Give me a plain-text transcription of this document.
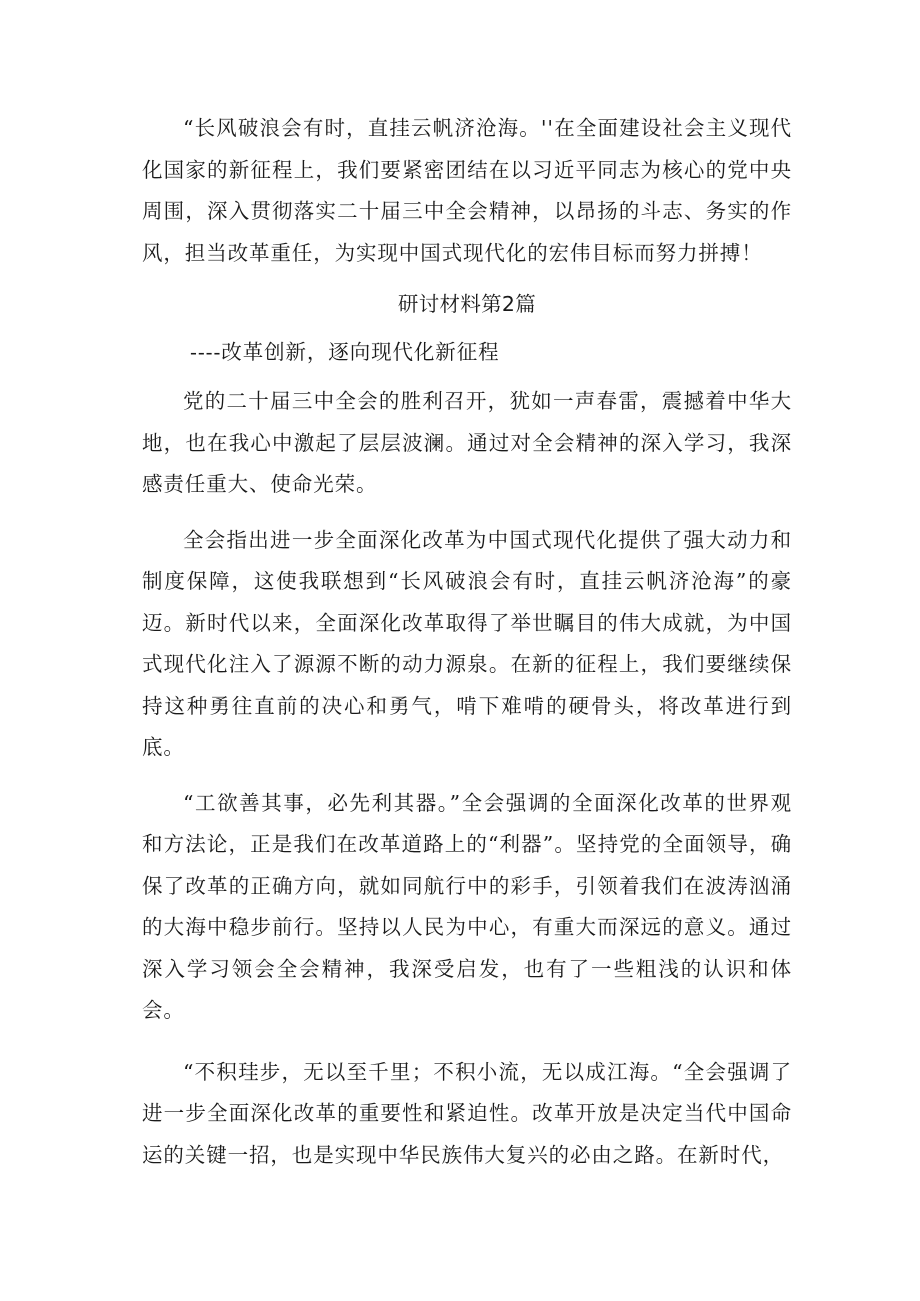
“长风破浪会有时，直挂云帆济沧海。''在全面建设社会主义现代化国家的新征程上，我们要紧密团结在以习近平同志为核心的党中央周围，深入贯彻落实二十届三中全会精神，以昂扬的斗志、务实的作风，担当改革重任，为实现中国式现代化的宏伟目标而努力拼搏！

研讨材料第2篇
----改革创新，逐向现代化新征程

党的二十届三中全会的胜利召开，犹如一声春雷，震撼着中华大地，也在我心中激起了层层波澜。通过对全会精神的深入学习，我深感责任重大、使命光荣。

全会指出进一步全面深化改革为中国式现代化提供了强大动力和制度保障，这使我联想到“长风破浪会有时，直挂云帆济沧海”的豪迈。新时代以来，全面深化改革取得了举世瞩目的伟大成就，为中国式现代化注入了源源不断的动力源泉。在新的征程上，我们要继续保持这种勇往直前的决心和勇气，啃下难啃的硬骨头，将改革进行到底。

“工欲善其事，必先利其器。”全会强调的全面深化改革的世界观和方法论，正是我们在改革道路上的“利器”。坚持党的全面领导，确保了改革的正确方向，就如同航行中的彩手，引领着我们在波涛汹涌的大海中稳步前行。坚持以人民为中心，有重大而深远的意义。通过深入学习领会全会精神，我深受启发，也有了一些粗浅的认识和体会。

“不积珪步，无以至千里；不积小流，无以成江海。“全会强调了进一步全面深化改革的重要性和紧迫性。改革开放是决定当代中国命运的关键一招，也是实现中华民族伟大复兴的必由之路。在新时代，
